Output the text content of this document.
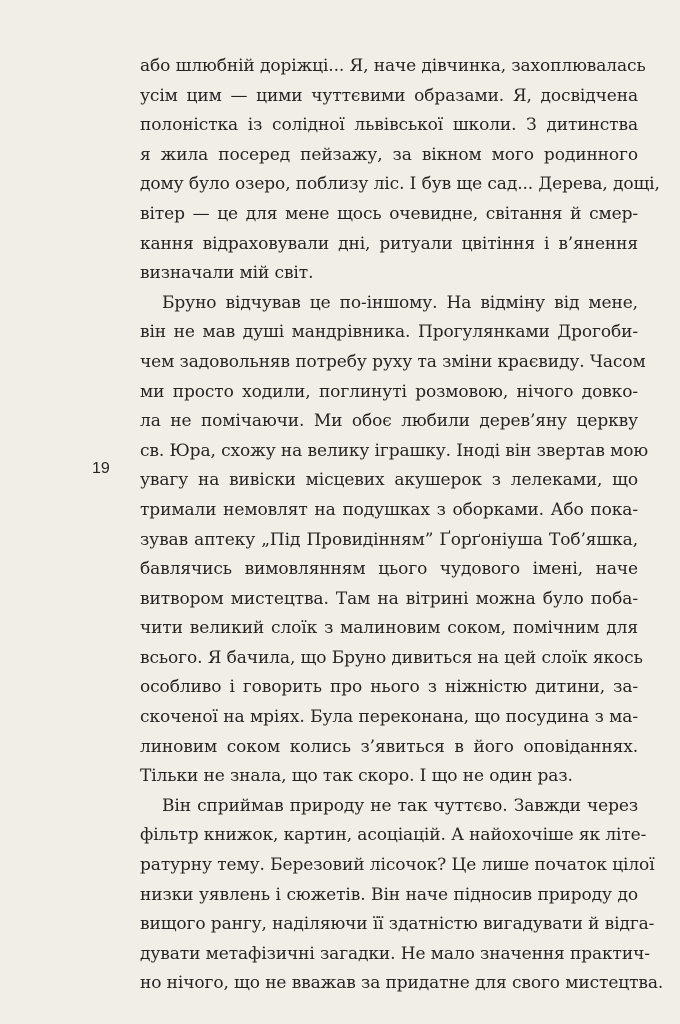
або шлюбній доріжці... Я, наче дівчинка, захоплювалась
усім цим — цими чуттєвими образами. Я, досвідчена
полоністка із солідної львівської школи. З дитинства
я жила посеред пейзажу, за вікном мого родинного
дому було озеро, поблизу ліс. І був ще сад... Дерева, дощі,
вітер — це для мене щось очевидне, світання й смер-
кання відраховували дні, ритуали цвітіння і в’янення
визначали мій світ.
Бруно відчував це по-іншому. На відміну від мене,
він не мав душі мандрівника. Прогулянками Дрогоби-
чем задовольняв потребу руху та зміни краєвиду. Часом
ми просто ходили, поглинуті розмовою, нічого довко-
ла не помічаючи. Ми обоє любили дерев’яну церкву
св. Юра, схожу на велику іграшку. Іноді він звертав мою
увагу на вивіски місцевих акушерок з лелеками, що
тримали немовлят на подушках з оборками. Або пока-
зував аптеку „Під Провидінням” Ґорґоніуша Тоб’яшка,
бавлячись вимовлянням цього чудового імені, наче
витвором мистецтва. Там на вітрині можна було поба-
чити великий слоїк з малиновим соком, помічним для
всього. Я бачила, що Бруно дивиться на цей слоїк якось
особливо і говорить про нього з ніжністю дитини, за-
скоченої на мріях. Була переконана, що посудина з ма-
линовим соком колись з’явиться в його оповіданнях.
Тільки не знала, що так скоро. І що не один раз.
Він сприймав природу не так чуттєво. Завжди через
фільтр книжок, картин, асоціацій. А найохочіше як літе-
ратурну тему. Березовий лісочок? Це лише початок цілої
низки уявлень і сюжетів. Він наче підносив природу до
вищого рангу, наділяючи її здатністю вигадувати й відга-
дувати метафізичні загадки. Не мало значення практич-
но нічого, що не вважав за придатне для свого мистецтва.
19
